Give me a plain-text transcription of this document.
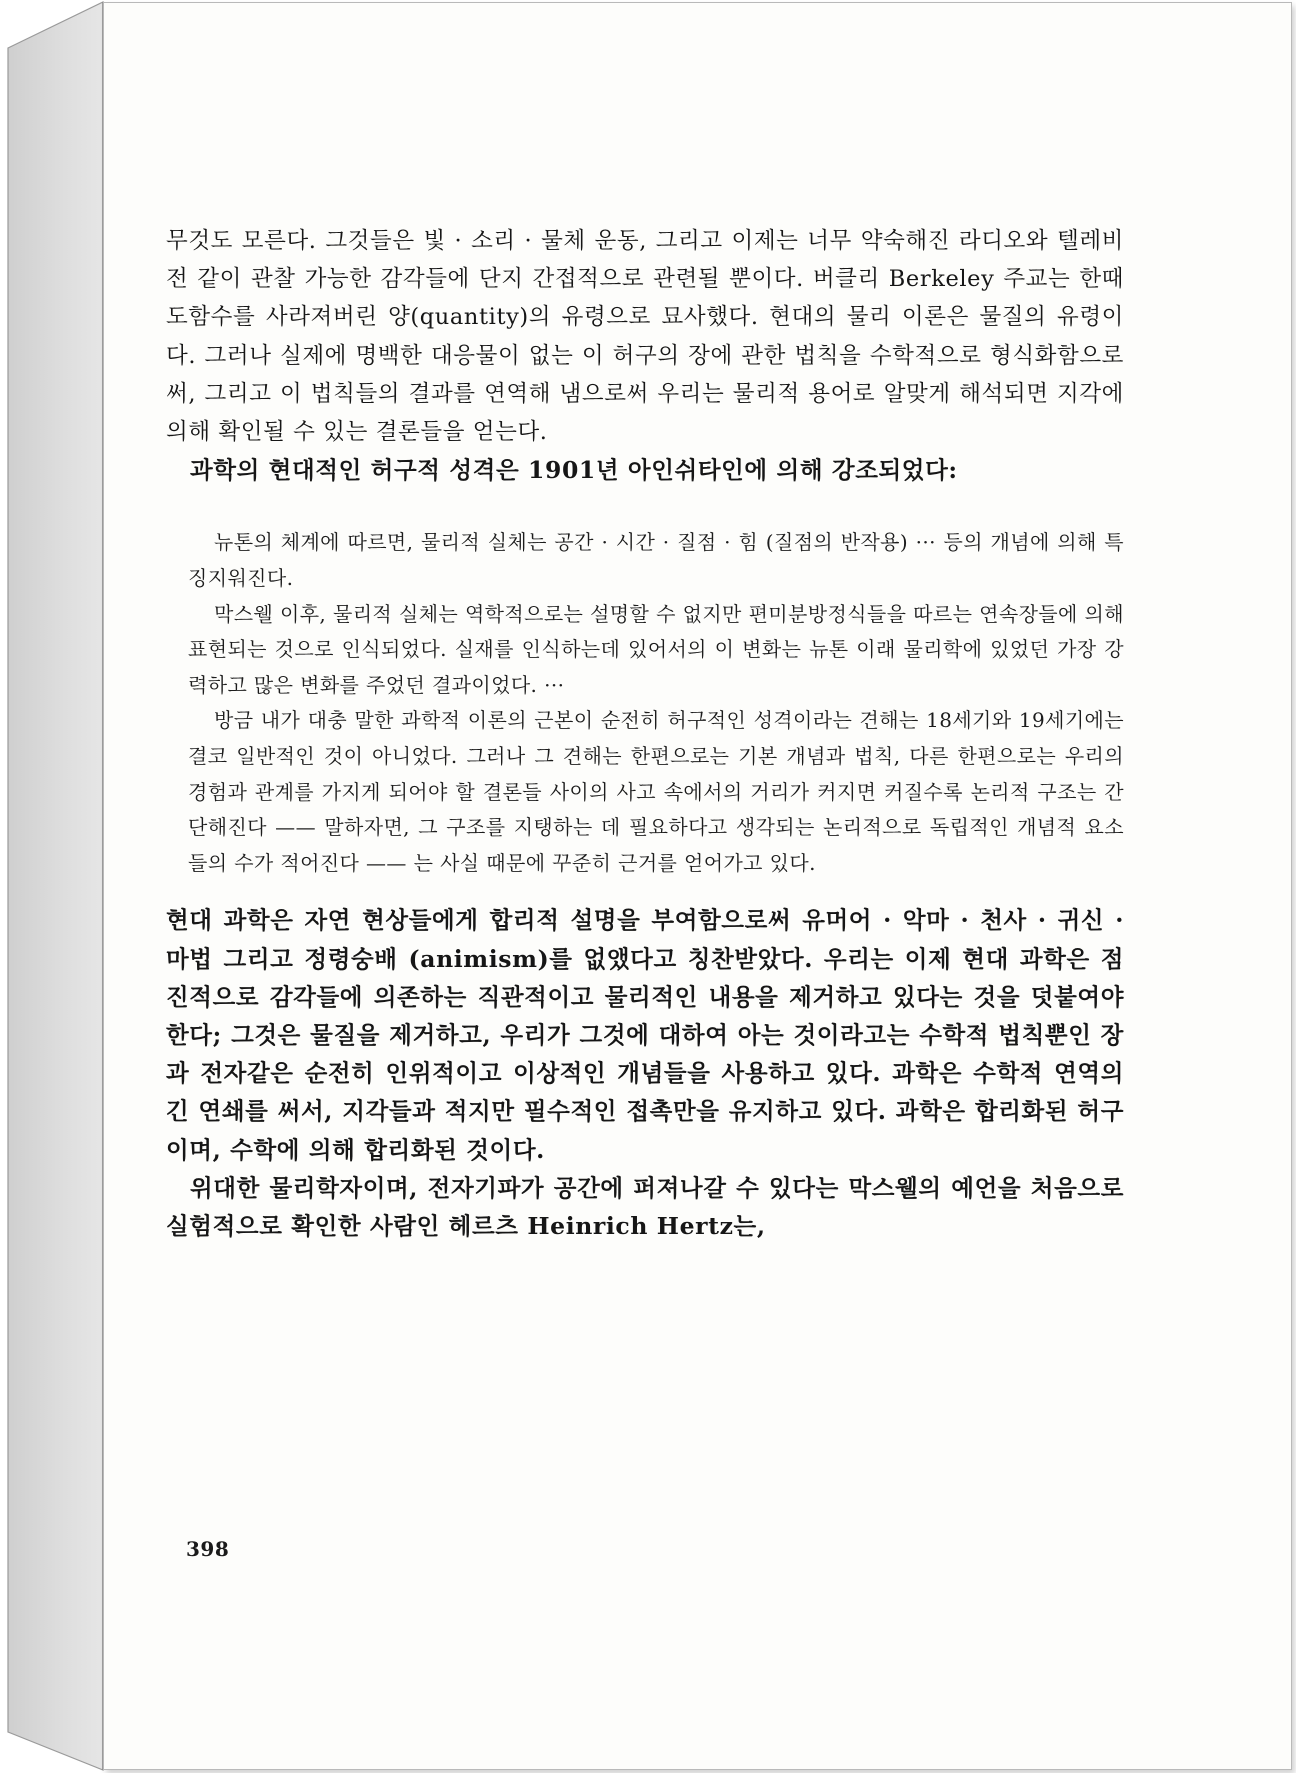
무것도 모른다. 그것들은 빛 · 소리 · 물체 운동, 그리고 이제는 너무 약숙해진 라디오와 텔레비전 같이 관찰 가능한 감각들에 단지 간접적으로 관련될 뿐이다. 버클리 Berkeley 주교는 한때 도함수를 사라져버린 양(quantity)의 유령으로 묘사했다. 현대의 물리 이론은 물질의 유령이다. 그러나 실제에 명백한 대응물이 없는 이 허구의 장에 관한 법칙을 수학적으로 형식화함으로써, 그리고 이 법칙들의 결과를 연역해 냄으로써 우리는 물리적 용어로 알맞게 해석되면 지각에 의해 확인될 수 있는 결론들을 얻는다.

과학의 현대적인 허구적 성격은 1901년 아인쉬타인에 의해 강조되었다:

뉴톤의 체계에 따르면, 물리적 실체는 공간 · 시간 · 질점 · 힘 (질점의 반작용) ··· 등의 개념에 의해 특징지워진다.

막스웰 이후, 물리적 실체는 역학적으로는 설명할 수 없지만 편미분방정식들을 따르는 연속장들에 의해 표현되는 것으로 인식되었다. 실재를 인식하는데 있어서의 이 변화는 뉴톤 이래 물리학에 있었던 가장 강력하고 많은 변화를 주었던 결과이었다. ···

방금 내가 대충 말한 과학적 이론의 근본이 순전히 허구적인 성격이라는 견해는 18세기와 19세기에는 결코 일반적인 것이 아니었다. 그러나 그 견해는 한편으로는 기본 개념과 법칙, 다른 한편으로는 우리의 경험과 관계를 가지게 되어야 할 결론들 사이의 사고 속에서의 거리가 커지면 커질수록 논리적 구조는 간단해진다 —— 말하자면, 그 구조를 지탱하는 데 필요하다고 생각되는 논리적으로 독립적인 개념적 요소들의 수가 적어진다 —— 는 사실 때문에 꾸준히 근거를 얻어가고 있다.

현대 과학은 자연 현상들에게 합리적 설명을 부여함으로써 유머어 · 악마 · 천사 · 귀신 · 마법 그리고 정령숭배 (animism)를 없앴다고 칭찬받았다. 우리는 이제 현대 과학은 점진적으로 감각들에 의존하는 직관적이고 물리적인 내용을 제거하고 있다는 것을 덧붙여야 한다; 그것은 물질을 제거하고, 우리가 그것에 대하여 아는 것이라고는 수학적 법칙뿐인 장과 전자같은 순전히 인위적이고 이상적인 개념들을 사용하고 있다. 과학은 수학적 연역의 긴 연쇄를 써서, 지각들과 적지만 필수적인 접촉만을 유지하고 있다. 과학은 합리화된 허구이며, 수학에 의해 합리화된 것이다.

위대한 물리학자이며, 전자기파가 공간에 퍼져나갈 수 있다는 막스웰의 예언을 처음으로 실험적으로 확인한 사람인 헤르츠 Heinrich Hertz는,

398
